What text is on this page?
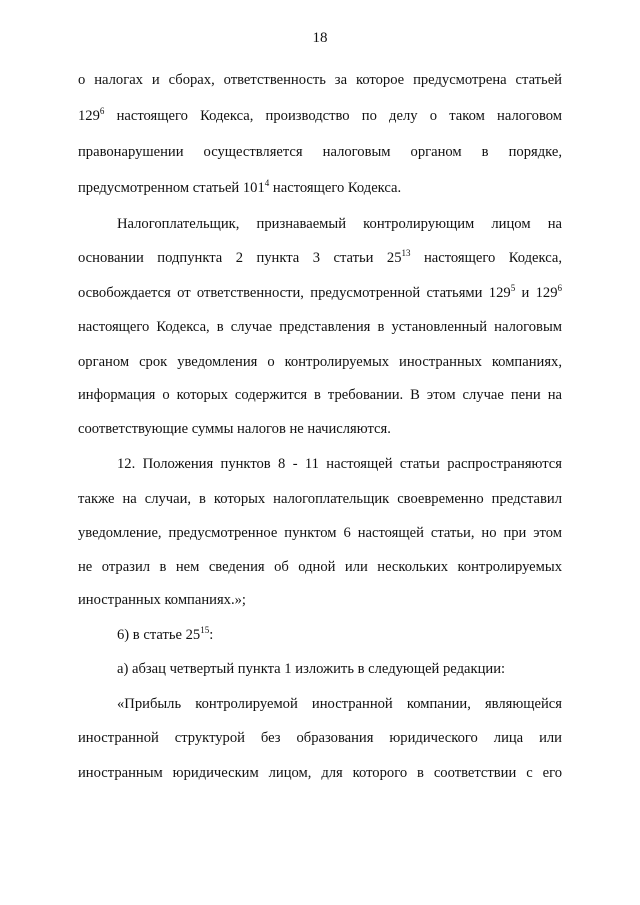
18
о налогах и сборах, ответственность за которое предусмотрена статьей
$129^6$ настоящего Кодекса, производство по делу о таком налоговом
правонарушении осуществляется налоговым органом в порядке,
предусмотренном статьей $101^4$ настоящего Кодекса.
Налогоплательщик, признаваемый контролирующим лицом на
основании подпункта 2 пункта 3 статьи $25^{13}$ настоящего Кодекса,
освобождается от ответственности, предусмотренной статьями $129^5$ и $129^6$
настоящего Кодекса, в случае представления в установленный налоговым
органом срок уведомления о контролируемых иностранных компаниях,
информация о которых содержится в требовании. В этом случае пени на
соответствующие суммы налогов не начисляются.
12. Положения пунктов 8 - 11 настоящей статьи распространяются
также на случаи, в которых налогоплательщик своевременно представил
уведомление, предусмотренное пунктом 6 настоящей статьи, но при этом
не отразил в нем сведения об одной или нескольких контролируемых
иностранных компаниях.»;
6) в статье $25^{15}$:
а) абзац четвертый пункта 1 изложить в следующей редакции:
«Прибыль контролируемой иностранной компании, являющейся
иностранной структурой без образования юридического лица или
иностранным юридическим лицом, для которого в соответствии с его
